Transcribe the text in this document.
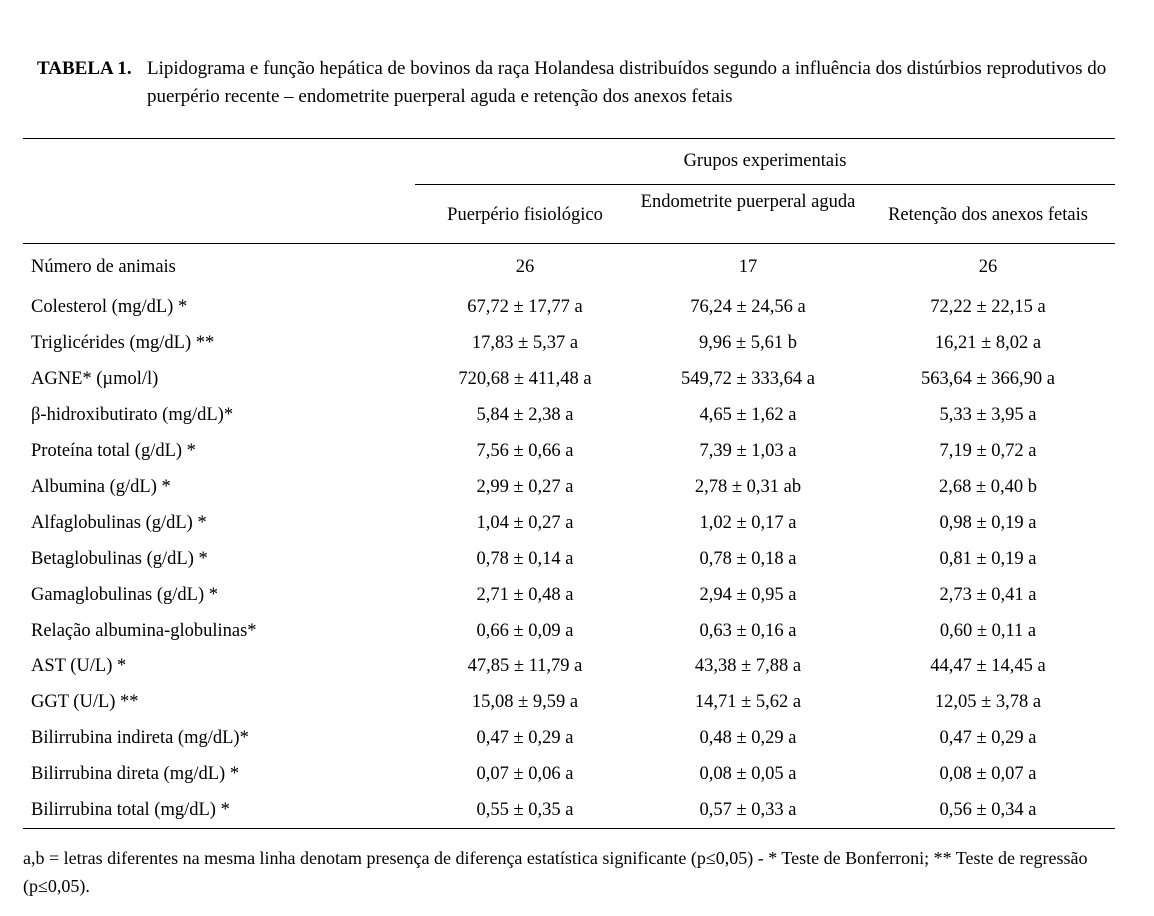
TABELA 1. Lipidograma e função hepática de bovinos da raça Holandesa distribuídos segundo a influência dos distúrbios reprodutivos do puerpério recente – endometrite puerperal aguda e retenção dos anexos fetais
Grupos experimentais
Puerpério fisiológico
Endometrite puerperal aguda
Retenção dos anexos fetais
Número de animais	26	17	26
Colesterol (mg/dL) *	67,72 ± 17,77 a	76,24 ± 24,56 a	72,22 ± 22,15 a
Triglicérides (mg/dL) **	17,83 ± 5,37 a	9,96 ± 5,61 b	16,21 ± 8,02 a
AGNE* (µmol/l)	720,68 ± 411,48 a	549,72 ± 333,64 a	563,64 ± 366,90 a
β-hidroxibutirato (mg/dL)*	5,84 ± 2,38 a	4,65 ± 1,62 a	5,33 ± 3,95 a
Proteína total (g/dL) *	7,56 ± 0,66 a	7,39 ± 1,03 a	7,19 ± 0,72 a
Albumina (g/dL) *	2,99 ± 0,27 a	2,78 ± 0,31 ab	2,68 ± 0,40 b
Alfaglobulinas (g/dL) *	1,04 ± 0,27 a	1,02 ± 0,17 a	0,98 ± 0,19 a
Betaglobulinas (g/dL) *	0,78 ± 0,14 a	0,78 ± 0,18 a	0,81 ± 0,19 a
Gamaglobulinas (g/dL) *	2,71 ± 0,48 a	2,94 ± 0,95 a	2,73 ± 0,41 a
Relação albumina-globulinas*	0,66 ± 0,09 a	0,63 ± 0,16 a	0,60 ± 0,11 a
AST (U/L) *	47,85 ± 11,79 a	43,38 ± 7,88 a	44,47 ± 14,45 a
GGT (U/L) **	15,08 ± 9,59 a	14,71 ± 5,62 a	12,05 ± 3,78 a
Bilirrubina indireta (mg/dL)*	0,47 ± 0,29 a	0,48 ± 0,29 a	0,47 ± 0,29 a
Bilirrubina direta (mg/dL) *	0,07 ± 0,06 a	0,08 ± 0,05 a	0,08 ± 0,07 a
Bilirrubina total (mg/dL) *	0,55 ± 0,35 a	0,57 ± 0,33 a	0,56 ± 0,34 a
a,b = letras diferentes na mesma linha denotam presença de diferença estatística significante (p≤0,05) - * Teste de Bonferroni; ** Teste de regressão (p≤0,05).
